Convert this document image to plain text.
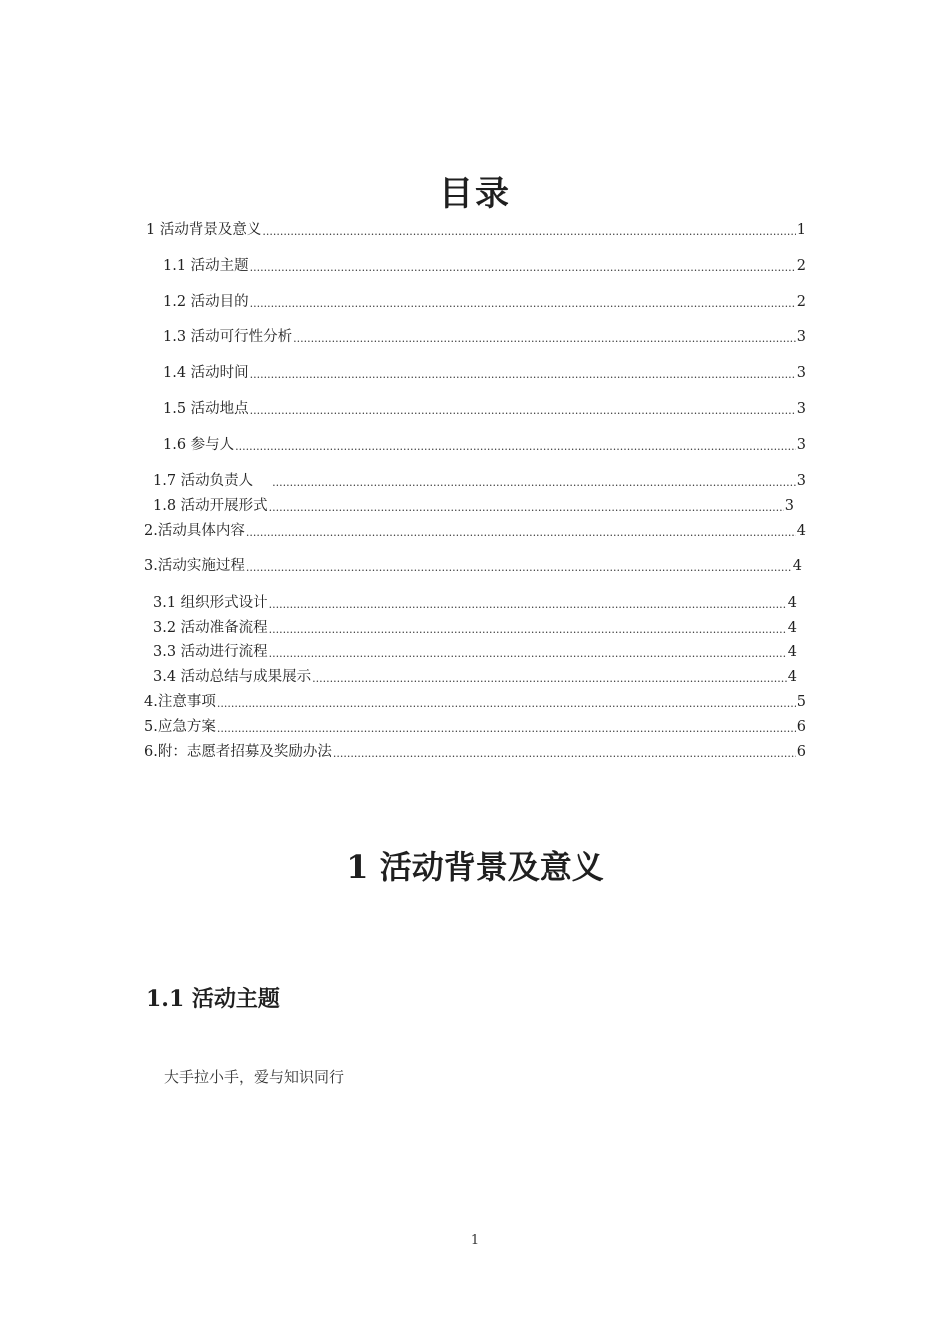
目录
1 活动背景及意义 .....	1
1.1 活动主题 .....	2
1.2 活动目的 .....	2
1.3 活动可行性分析 .....	3
1.4 活动时间 .....	3
1.5 活动地点 .....	3
1.6 参与人 .....	3
1.7 活动负责人 .....	3
1.8 活动开展形式 .....	3
2.活动具体内容 .....	4
3.活动实施过程 .....	4
3.1 组织形式设计 .....	4
3.2 活动准备流程 .....	4
3.3 活动进行流程 .....	4
3.4 活动总结与成果展示 .....	4
4.注意事项 .....	5
5.应急方案 .....	6
6.附：志愿者招募及奖励办法 .....	6
1 活动背景及意义
1.1 活动主题
大手拉小手，爱与知识同行
1
